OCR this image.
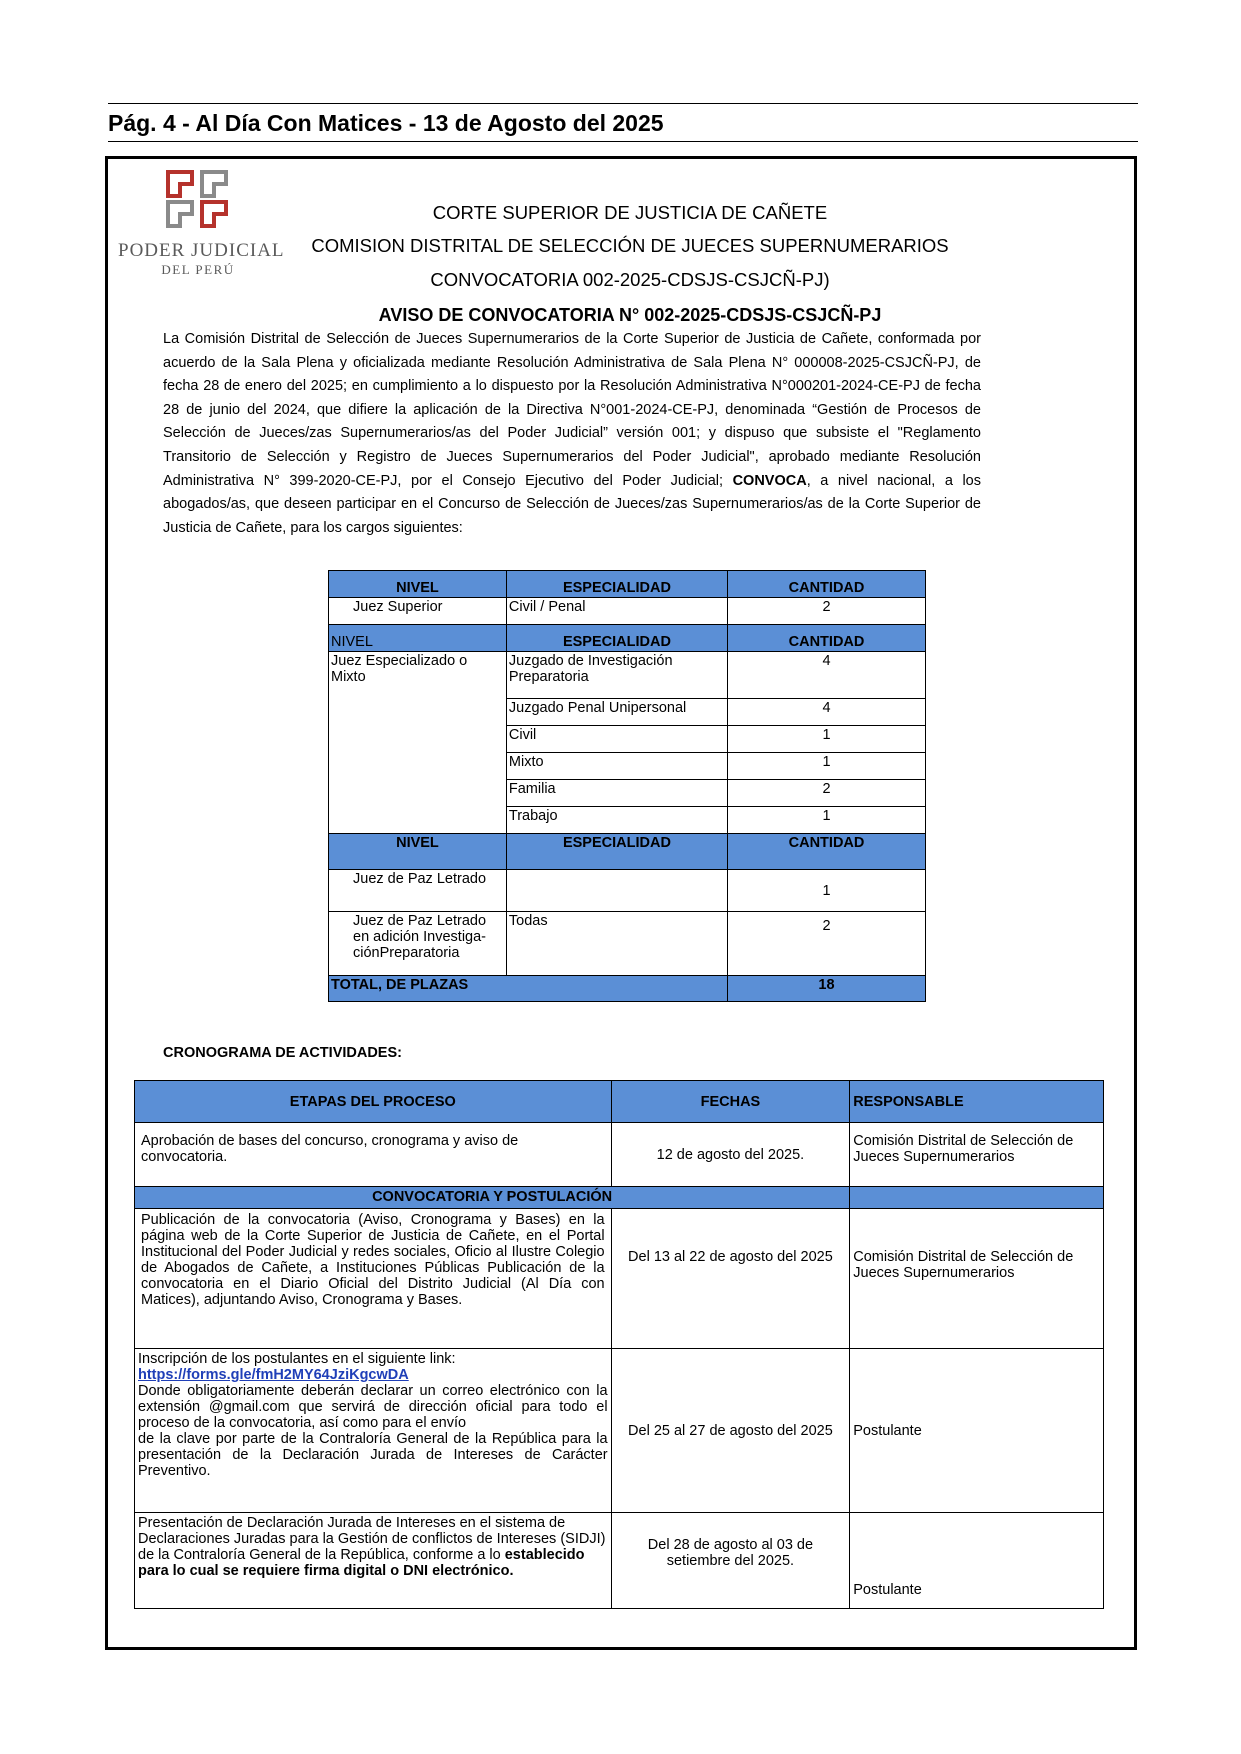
Pág. 4 - Al Día Con Matices - 13 de Agosto del 2025
PODER JUDICIAL
DEL PERÚ
CORTE SUPERIOR DE JUSTICIA DE CAÑETE
COMISION DISTRITAL DE SELECCIÓN DE JUECES SUPERNUMERARIOS
CONVOCATORIA 002-2025-CDSJS-CSJCÑ-PJ)
AVISO DE CONVOCATORIA N° 002-2025-CDSJS-CSJCÑ-PJ
La Comisión Distrital de Selección de Jueces Supernumerarios de la Corte Superior de Justicia de Cañete, conformada por acuerdo de la Sala Plena y oficializada mediante Resolución Administrativa de Sala Plena N° 000008-2025-CSJCÑ-PJ, de fecha 28 de enero del 2025; en cumplimiento a lo dispuesto por la Resolución Administrativa N°000201-2024-CE-PJ de fecha 28 de junio del 2024, que difiere la aplicación de la Directiva N°001-2024-CE-PJ, denominada “Gestión de Procesos de Selección de Jueces/zas Supernumerarios/as del Poder Judicial” versión 001; y dispuso que subsiste el "Reglamento Transitorio de Selección y Registro de Jueces Supernumerarios del Poder Judicial", aprobado mediante Resolución Administrativa N° 399-2020-CE-PJ, por el Consejo Ejecutivo del Poder Judicial; CONVOCA, a nivel nacional, a los abogados/as, que deseen participar en el Concurso de Selección de Jueces/zas Supernumerarios/as de la Corte Superior de Justicia de Cañete, para los cargos siguientes:
NIVEL	ESPECIALIDAD	CANTIDAD
Juez Superior	Civil / Penal	2
NIVEL	ESPECIALIDAD	CANTIDAD
Juez Especializado o Mixto	Juzgado de Investigación Preparatoria	4
	Juzgado Penal Unipersonal	4
	Civil	1
	Mixto	1
	Familia	2
	Trabajo	1
NIVEL	ESPECIALIDAD	CANTIDAD
Juez de Paz Letrado		1
Juez de Paz Letrado en adición Investiga-ciónPreparatoria	Todas	2
TOTAL, DE PLAZAS		18
CRONOGRAMA DE ACTIVIDADES:
ETAPAS DEL PROCESO	FECHAS	RESPONSABLE
Aprobación de bases del concurso, cronograma y aviso de convocatoria.	12 de agosto del 2025.	Comisión Distrital de Selección de Jueces Supernumerarios
CONVOCATORIA Y POSTULACIÓN		
Publicación de la convocatoria (Aviso, Cronograma y Bases) en la página web de la Corte Superior de Justicia de Cañete, en el Portal Institucional del Poder Judicial y redes sociales, Oficio al Ilustre Colegio de Abogados de Cañete, a Instituciones Públicas Publicación de la convocatoria en el Diario Oficial del Distrito Judicial (Al Día con Matices), adjuntando Aviso, Cronograma y Bases.	Del 13 al 22 de agosto del 2025	Comisión Distrital de Selección de Jueces Supernumerarios
Inscripción de los postulantes en el siguiente link:
https://forms.gle/fmH2MY64JziKgcwDA
Donde obligatoriamente deberán declarar un correo electrónico con la extensión @gmail.com que servirá de dirección oficial para todo el proceso de la convocatoria, así como para el envío
de la clave por parte de la Contraloría General de la República para la presentación de la Declaración Jurada de Intereses de Carácter Preventivo.	Del 25 al 27 de agosto del 2025	Postulante
Presentación de Declaración Jurada de Intereses en el sistema de Declaraciones Juradas para la Gestión de conflictos de Intereses (SIDJI) de la Contraloría General de la República, conforme a lo establecido para lo cual se requiere firma digital o DNI electrónico.	Del 28 de agosto al 03 de setiembre del 2025.	Postulante
